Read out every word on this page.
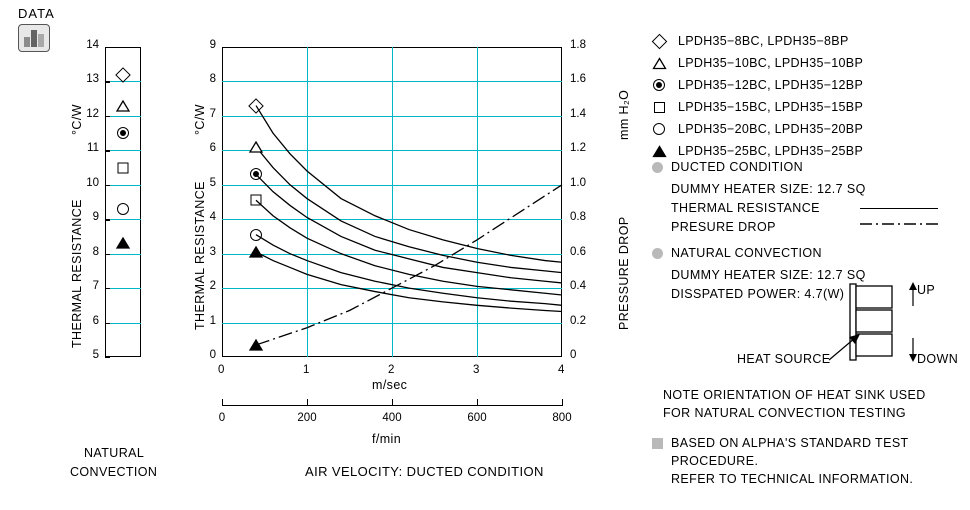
DATA
THERMAL RESISTANCE
°C/W
5
6
7
8
9
10
11
12
13
14
NATURAL
CONVECTION
THERMAL RESISTANCE
°C/W
PRESSURE DROP
mm H₂O
0
1
2
3
4
5
6
7
8
9
0
0.2
0.4
0.6
0.8
1.0
1.2
1.4
1.6
1.8
0	1	2	3	4
m/sec
0	200	400	600	800
f/min
AIR VELOCITY: DUCTED CONDITION
LPDH35−8BC, LPDH35−8BP
LPDH35−10BC, LPDH35−10BP
LPDH35−12BC, LPDH35−12BP
LPDH35−15BC, LPDH35−15BP
LPDH35−20BC, LPDH35−20BP
LPDH35−25BC, LPDH35−25BP
DUCTED CONDITION
DUMMY HEATER SIZE: 12.7 SQ
THERMAL RESISTANCE
PRESURE DROP
NATURAL CONVECTION
DUMMY HEATER SIZE: 12.7 SQ
DISSPATED POWER: 4.7(W)
NOTE ORIENTATION OF HEAT SINK USED
FOR NATURAL CONVECTION TESTING
BASED ON ALPHA'S STANDARD TEST
PROCEDURE.
REFER TO TECHNICAL INFORMATION.
UP
DOWN
HEAT SOURCE
